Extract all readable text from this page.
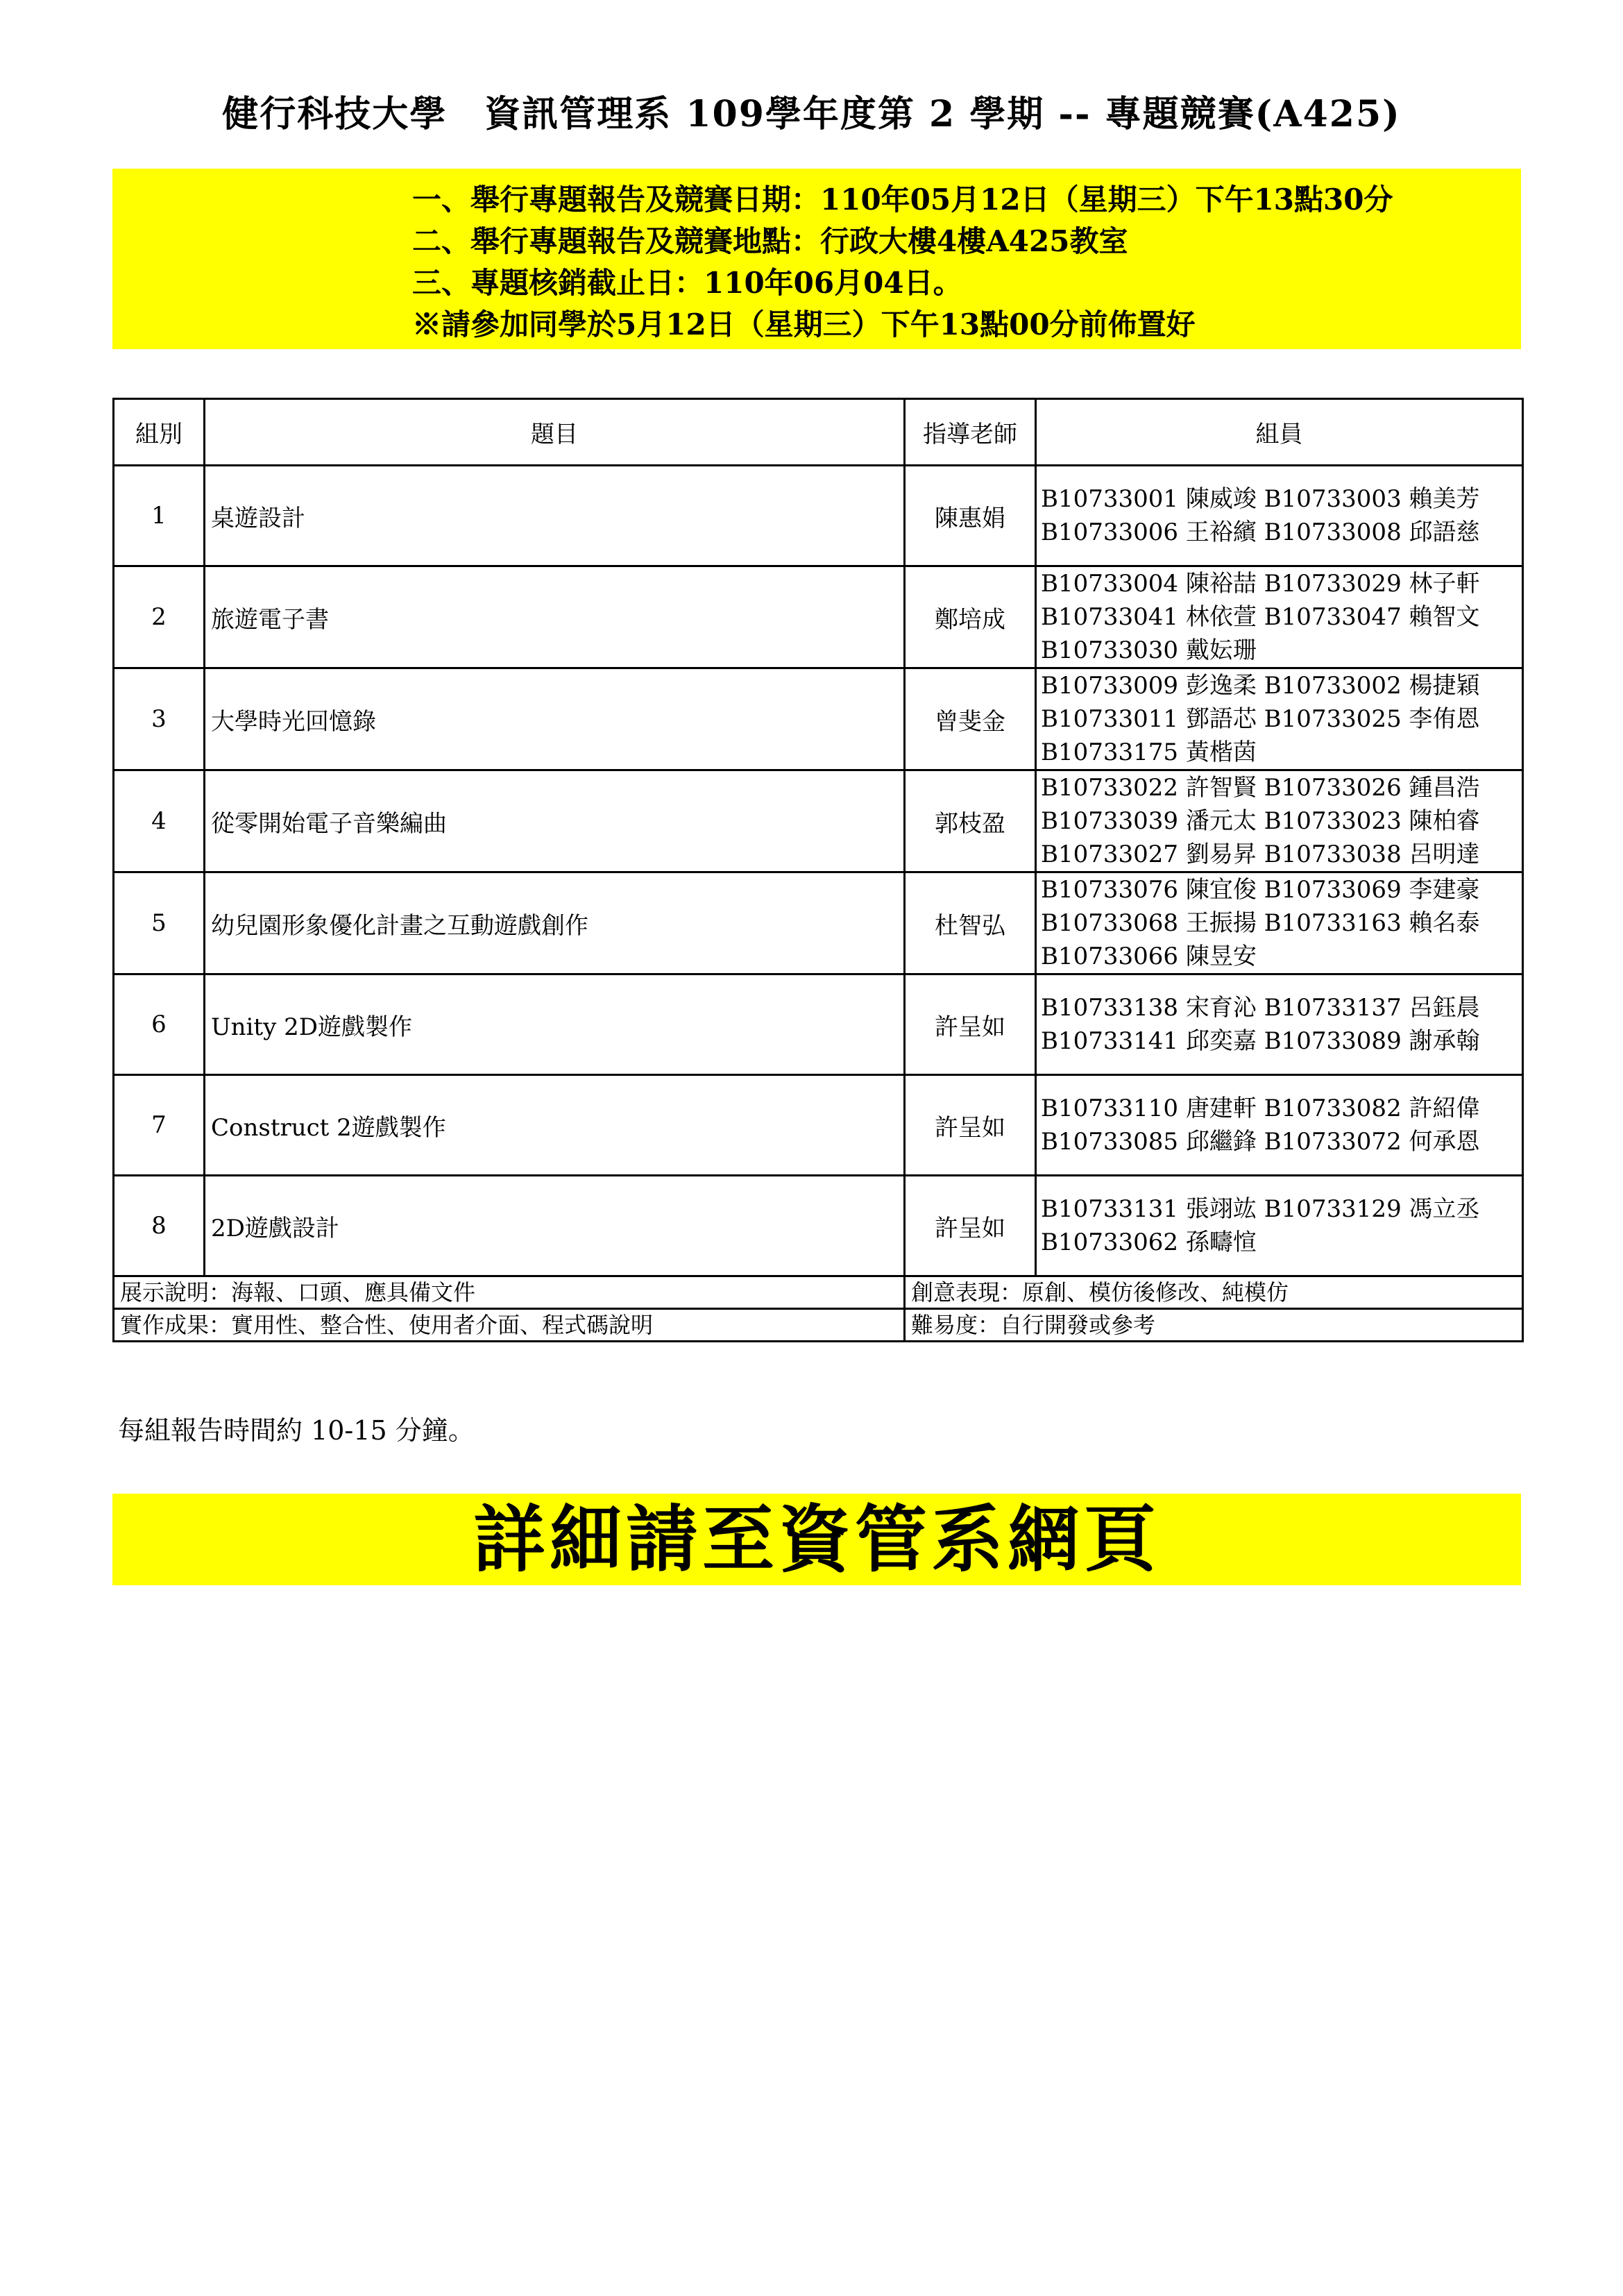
健行科技大學　資訊管理系 109學年度第 2 學期 -- 專題競賽(A425)
一、舉行專題報告及競賽日期：110年05月12日（星期三）下午13點30分
二、舉行專題報告及競賽地點：行政大樓4樓A425教室
三、專題核銷截止日：110年06月04日。
※請參加同學於5月12日（星期三）下午13點00分前佈置好
組別	題目	指導老師	組員
1	桌遊設計	陳惠娟	B10733001 陳威竣 B10733003 賴美芳
B10733006 王裕繽 B10733008 邱語慈

2	旅遊電子書	鄭培成	B10733004 陳裕喆 B10733029 林子軒
B10733041 林依萱 B10733047 賴智文
B10733030 戴妘珊

3	大學時光回憶錄	曾斐金	B10733009 彭逸柔 B10733002 楊捷穎
B10733011 鄧語芯 B10733025 李侑恩
B10733175 黃楷茵

4	從零開始電子音樂編曲	郭枝盈	B10733022 許智賢 B10733026 鍾昌浩
B10733039 潘元太 B10733023 陳柏睿
B10733027 劉易昇 B10733038 呂明達

5	幼兒園形象優化計畫之互動遊戲創作	杜智弘	B10733076 陳宜俊 B10733069 李建豪
B10733068 王振揚 B10733163 賴名泰
B10733066 陳昱安

6	Unity 2D遊戲製作	許呈如	B10733138 宋育沁 B10733137 呂鈺晨
B10733141 邱奕嘉 B10733089 謝承翰

7	Construct 2遊戲製作	許呈如	B10733110 唐建軒 B10733082 許紹偉
B10733085 邱繼鋒 B10733072 何承恩

8	2D遊戲設計	許呈如	B10733131 張翊竑 B10733129 馮立丞
B10733062 孫疇愃

展示說明：海報、口頭、應具備文件		創意表現：原創、模仿後修改、純模仿	
實作成果：實用性、整合性、使用者介面、程式碼說明		難易度：自行開發或參考	
每組報告時間約 10-15 分鐘。
詳細請至資管系網頁
